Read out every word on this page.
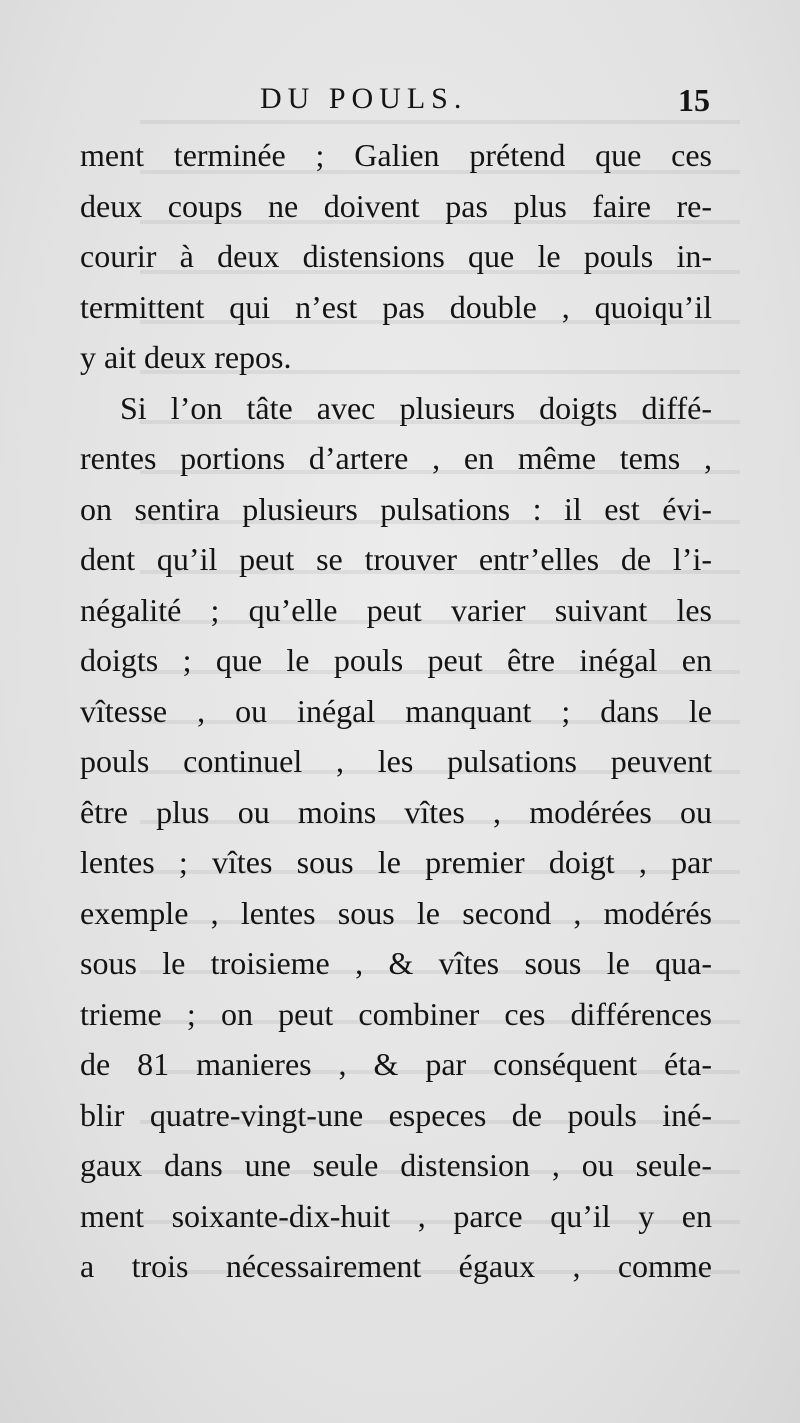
DU POULS.	15
ment terminée ; Galien prétend que ces
deux coups ne doivent pas plus faire re-
courir à deux distensions que le pouls in-
termittent qui n’est pas double , quoiqu’il
y ait deux repos.
Si l’on tâte avec plusieurs doigts diffé-
rentes portions d’artere , en même tems ,
on sentira plusieurs pulsations : il est évi-
dent qu’il peut se trouver entr’elles de l’i-
négalité ; qu’elle peut varier suivant les
doigts ; que le pouls peut être inégal en
vîtesse , ou inégal manquant ; dans le
pouls continuel , les pulsations peuvent
être plus ou moins vîtes , modérées ou
lentes ; vîtes sous le premier doigt , par
exemple , lentes sous le second , modérés
sous le troisieme , & vîtes sous le qua-
trieme ; on peut combiner ces différences
de 81 manieres , & par conséquent éta-
blir quatre-vingt-une especes de pouls iné-
gaux dans une seule distension , ou seule-
ment soixante-dix-huit , parce qu’il y en
a trois nécessairement égaux , comme
